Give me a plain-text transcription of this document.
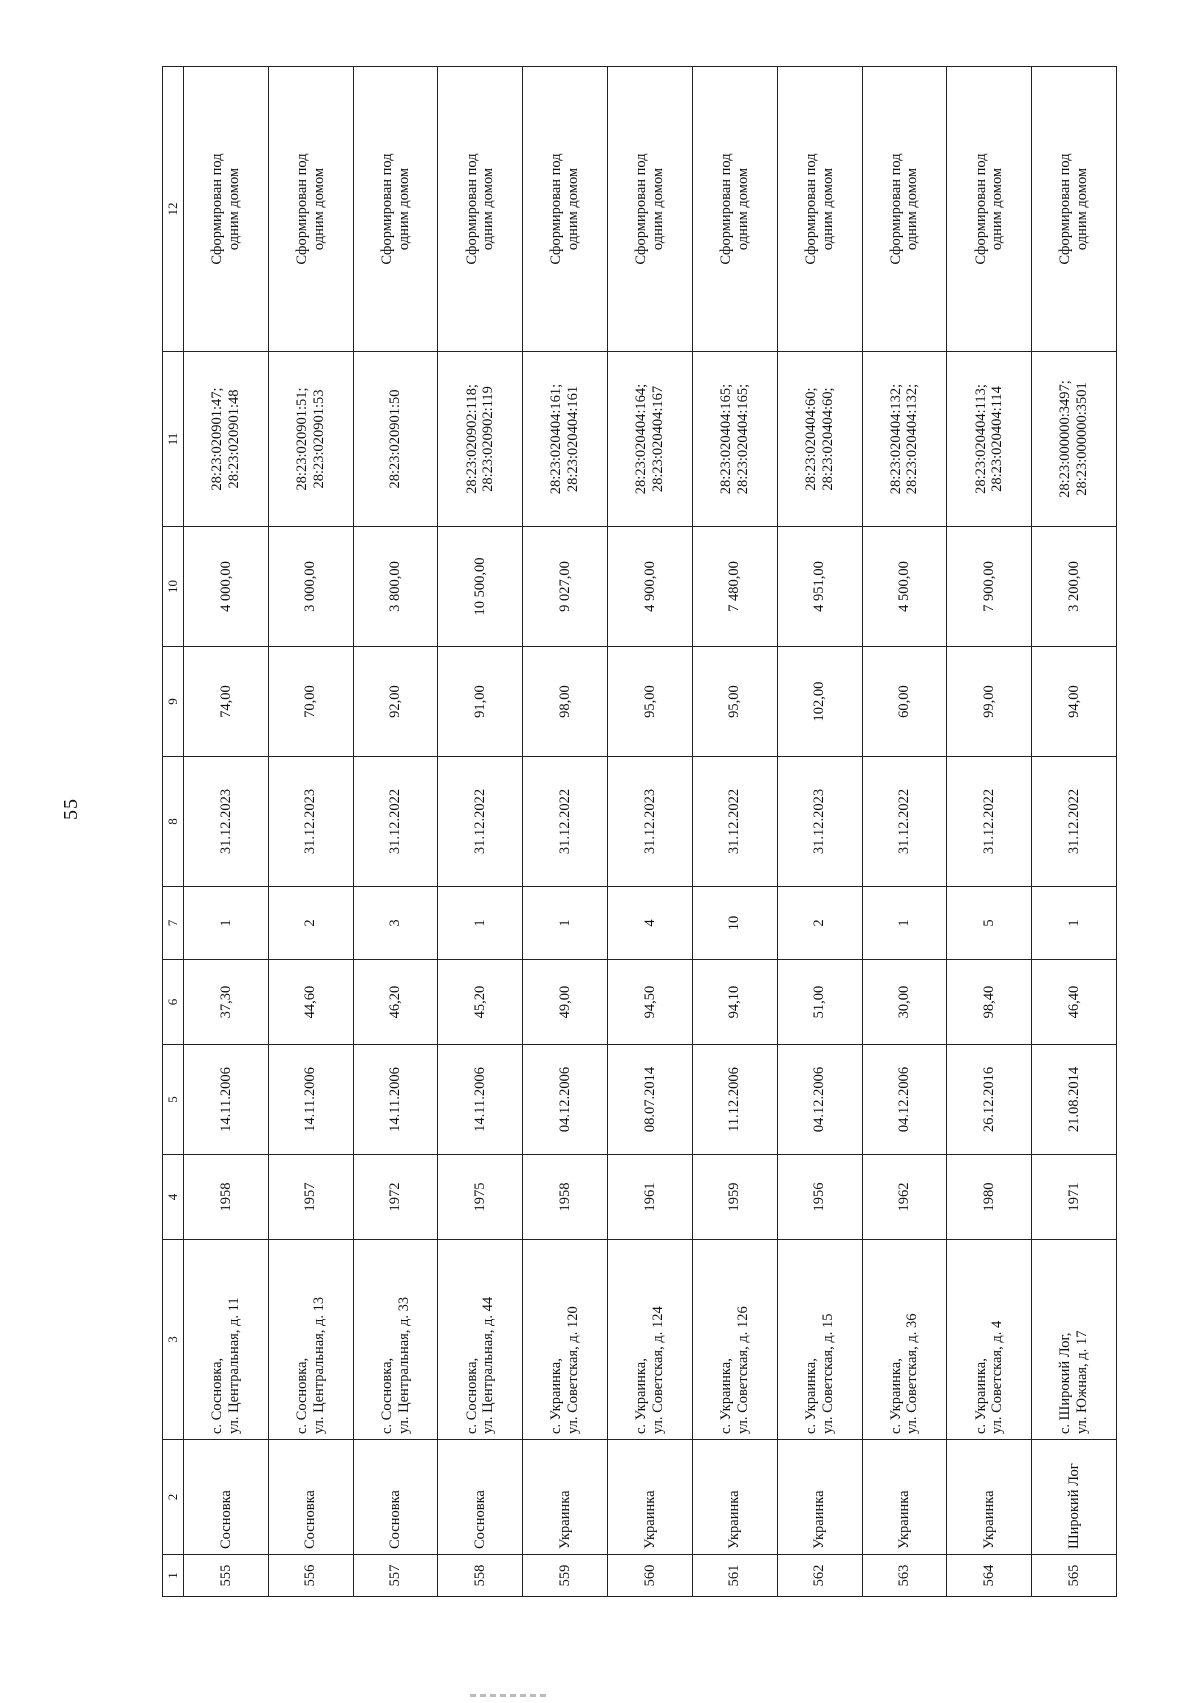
55
1	2	3	4	5	6	7	8	9	10	11	12
555	Сосновка	с. Сосновка,
ул. Центральная, д. 11	1958	14.11.2006	37,30	1	31.12.2023	74,00	4 000,00	28:23:020901:47;
28:23:020901:48	Сформирован под
одним домом
556	Сосновка	с. Сосновка,
ул. Центральная, д. 13	1957	14.11.2006	44,60	2	31.12.2023	70,00	3 000,00	28:23:020901:51;
28:23:020901:53	Сформирован под
одним домом
557	Сосновка	с. Сосновка,
ул. Центральная, д. 33	1972	14.11.2006	46,20	3	31.12.2022	92,00	3 800,00	28:23:020901:50	Сформирован под
одним домом
558	Сосновка	с. Сосновка,
ул. Центральная, д. 44	1975	14.11.2006	45,20	1	31.12.2022	91,00	10 500,00	28:23:020902:118;
28:23:020902:119	Сформирован под
одним домом
559	Украинка	с. Украинка,
ул. Советская, д. 120	1958	04.12.2006	49,00	1	31.12.2022	98,00	9 027,00	28:23:020404:161;
28:23:020404:161	Сформирован под
одним домом
560	Украинка	с. Украинка,
ул. Советская, д. 124	1961	08.07.2014	94,50	4	31.12.2023	95,00	4 900,00	28:23:020404:164;
28:23:020404:167	Сформирован под
одним домом
561	Украинка	с. Украинка,
ул. Советская, д. 126	1959	11.12.2006	94,10	10	31.12.2022	95,00	7 480,00	28:23:020404:165;
28:23:020404:165;	Сформирован под
одним домом
562	Украинка	с. Украинка,
ул. Советская, д. 15	1956	04.12.2006	51,00	2	31.12.2023	102,00	4 951,00	28:23:020404:60;
28:23:020404:60;	Сформирован под
одним домом
563	Украинка	с. Украинка,
ул. Советская, д. 36	1962	04.12.2006	30,00	1	31.12.2022	60,00	4 500,00	28:23:020404:132;
28:23:020404:132;	Сформирован под
одним домом
564	Украинка	с. Украинка,
ул. Советская, д. 4	1980	26.12.2016	98,40	5	31.12.2022	99,00	7 900,00	28:23:020404:113;
28:23:020404:114	Сформирован под
одним домом
565	Широкий Лог	с. Широкий Лог,
ул. Южная, д. 17	1971	21.08.2014	46,40	1	31.12.2022	94,00	3 200,00	28:23:000000:3497;
28:23:000000:3501	Сформирован под
одним домом
